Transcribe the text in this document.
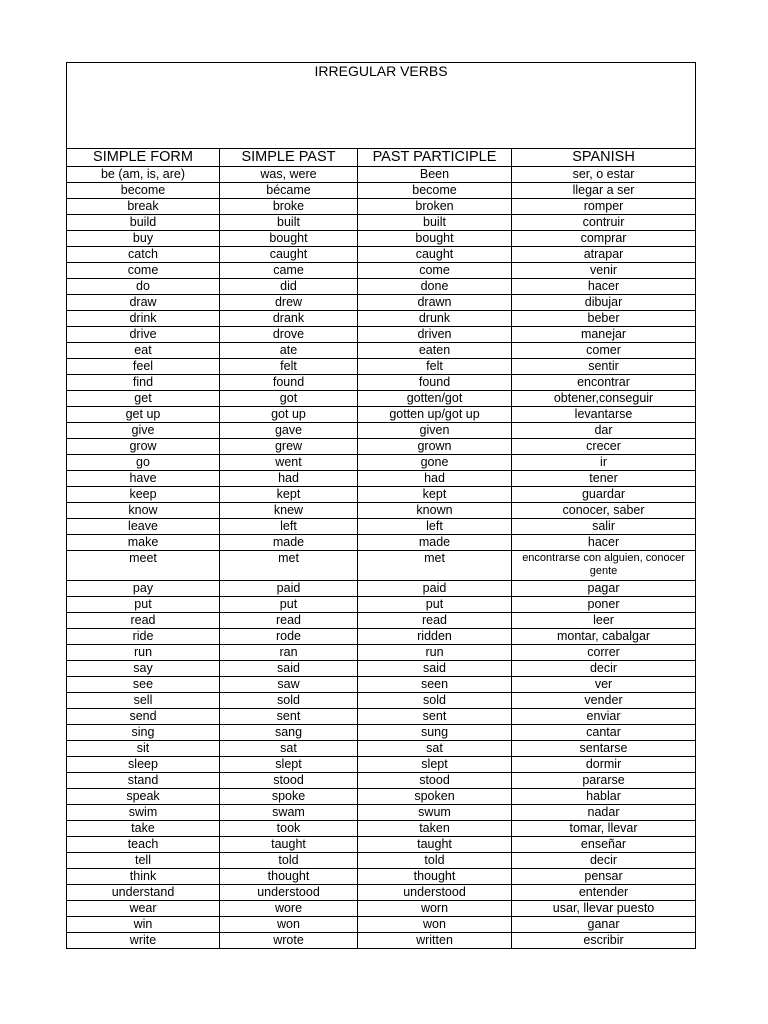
IRREGULAR VERBS			
SIMPLE FORM	SIMPLE PAST	PAST PARTICIPLE	SPANISH
be (am, is, are)	was, were	Been	ser, o estar
become	bécame	become	llegar a ser
break	broke	broken	romper
build	built	built	contruir
buy	bought	bought	comprar
catch	caught	caught	atrapar
come	came	come	venir
do	did	done	hacer
draw	drew	drawn	dibujar
drink	drank	drunk	beber
drive	drove	driven	manejar
eat	ate	eaten	comer
feel	felt	felt	sentir
find	found	found	encontrar
get	got	gotten/got	obtener,conseguir
get up	got up	gotten up/got up	levantarse
give	gave	given	dar
grow	grew	grown	crecer
go	went	gone	ir
have	had	had	tener
keep	kept	kept	guardar
know	knew	known	conocer, saber
leave	left	left	salir
make	made	made	hacer
meet	met	met	encontrarse con alguien, conocer gente
pay	paid	paid	pagar
put	put	put	poner
read	read	read	leer
ride	rode	ridden	montar, cabalgar
run	ran	run	correr
say	said	said	decir
see	saw	seen	ver
sell	sold	sold	vender
send	sent	sent	enviar
sing	sang	sung	cantar
sit	sat	sat	sentarse
sleep	slept	slept	dormir
stand	stood	stood	pararse
speak	spoke	spoken	hablar
swim	swam	swum	nadar
take	took	taken	tomar, llevar
teach	taught	taught	enseñar
tell	told	told	decir
think	thought	thought	pensar
understand	understood	understood	entender
wear	wore	worn	usar, llevar puesto
win	won	won	ganar
write	wrote	written	escribir
